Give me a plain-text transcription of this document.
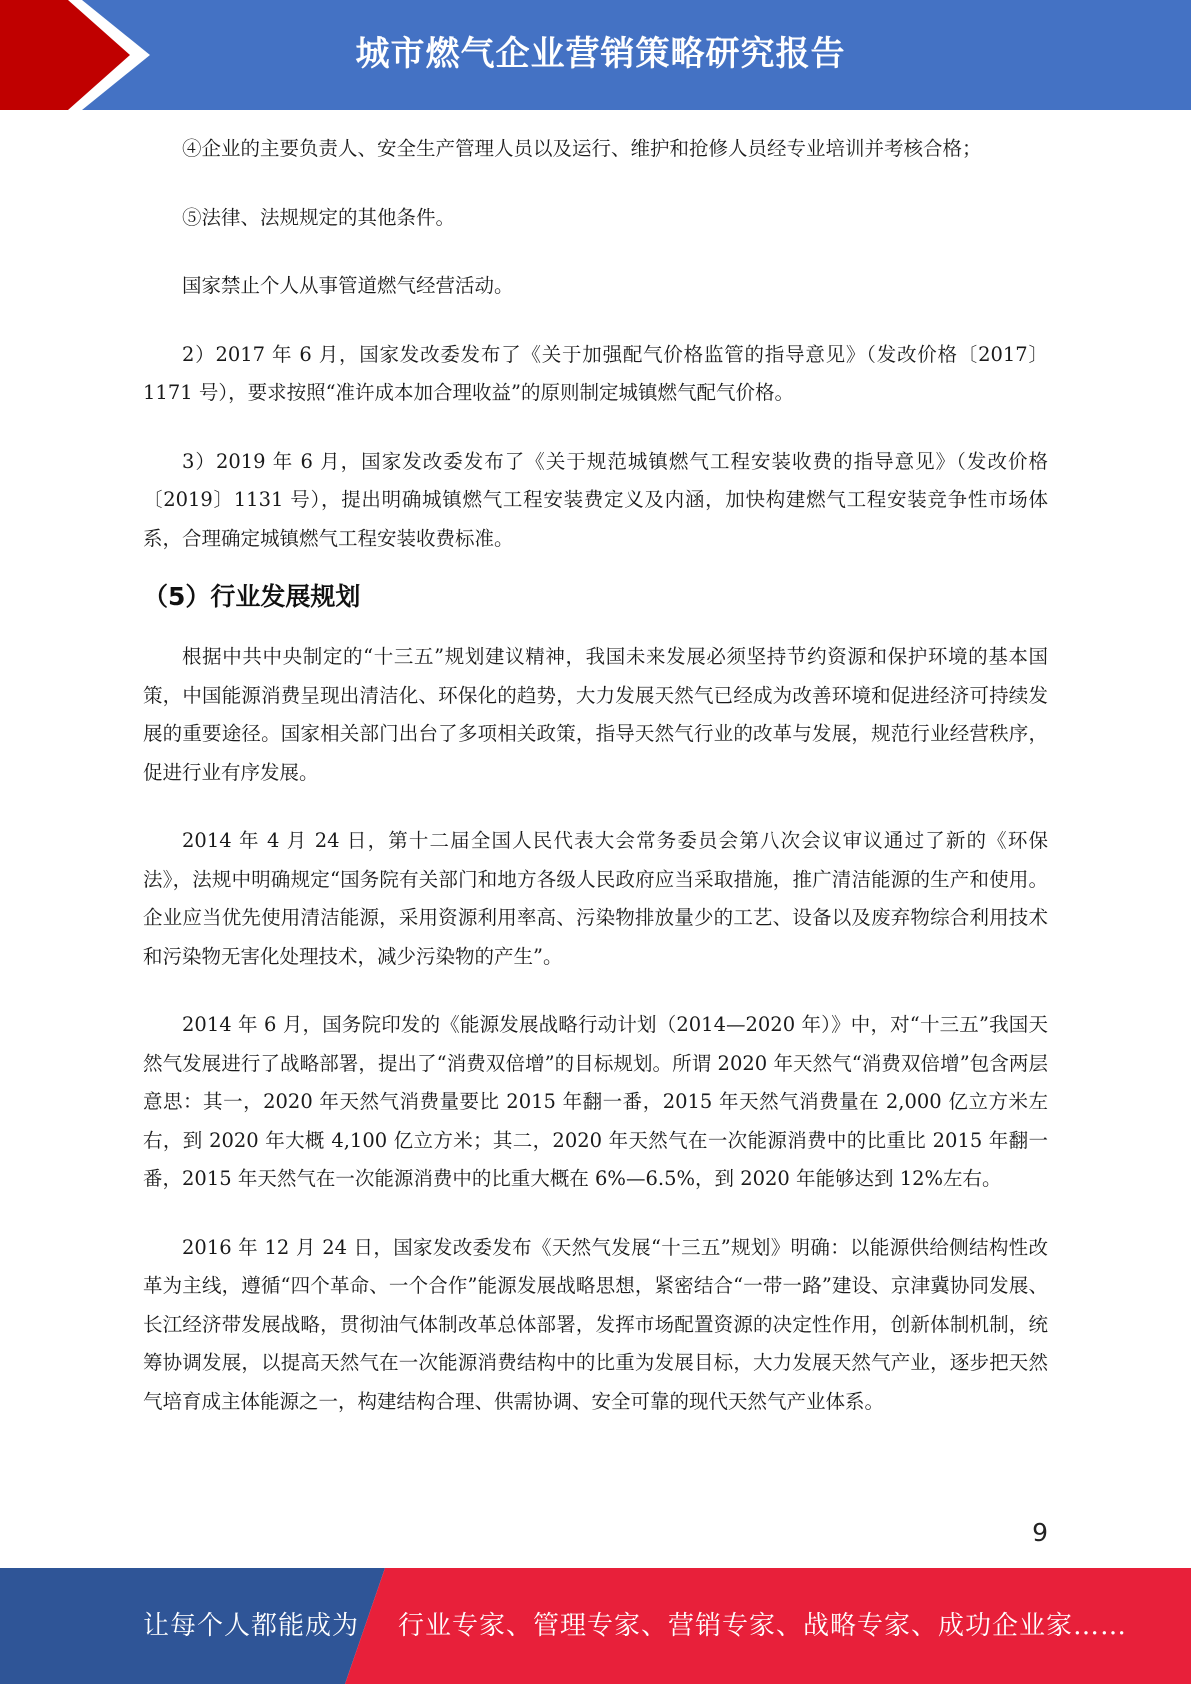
城市燃气企业营销策略研究报告

④企业的主要负责人、安全生产管理人员以及运行、维护和抢修人员经专业培训并考核合格；

⑤法律、法规规定的其他条件。

国家禁止个人从事管道燃气经营活动。

2）2017 年 6 月，国家发改委发布了《关于加强配气价格监管的指导意见》（发改价格〔2017〕1171 号），要求按照“准许成本加合理收益”的原则制定城镇燃气配气价格。

3）2019 年 6 月，国家发改委发布了《关于规范城镇燃气工程安装收费的指导意见》（发改价格〔2019〕1131 号），提出明确城镇燃气工程安装费定义及内涵，加快构建燃气工程安装竞争性市场体系，合理确定城镇燃气工程安装收费标准。

（5）行业发展规划

根据中共中央制定的“十三五”规划建议精神，我国未来发展必须坚持节约资源和保护环境的基本国策，中国能源消费呈现出清洁化、环保化的趋势，大力发展天然气已经成为改善环境和促进经济可持续发展的重要途径。国家相关部门出台了多项相关政策，指导天然气行业的改革与发展，规范行业经营秩序，促进行业有序发展。

2014 年 4 月 24 日，第十二届全国人民代表大会常务委员会第八次会议审议通过了新的《环保法》，法规中明确规定“国务院有关部门和地方各级人民政府应当采取措施，推广清洁能源的生产和使用。企业应当优先使用清洁能源，采用资源利用率高、污染物排放量少的工艺、设备以及废弃物综合利用技术和污染物无害化处理技术，减少污染物的产生”。

2014 年 6 月，国务院印发的《能源发展战略行动计划（2014—2020 年）》中，对“十三五”我国天然气发展进行了战略部署，提出了“消费双倍增”的目标规划。所谓 2020 年天然气“消费双倍增”包含两层意思：其一，2020 年天然气消费量要比 2015 年翻一番，2015 年天然气消费量在 2,000 亿立方米左右，到 2020 年大概 4,100 亿立方米；其二，2020 年天然气在一次能源消费中的比重比 2015 年翻一番，2015 年天然气在一次能源消费中的比重大概在 6%—6.5%，到 2020 年能够达到 12%左右。

2016 年 12 月 24 日，国家发改委发布《天然气发展“十三五”规划》明确：以能源供给侧结构性改革为主线，遵循“四个革命、一个合作”能源发展战略思想，紧密结合“一带一路”建设、京津冀协同发展、长江经济带发展战略，贯彻油气体制改革总体部署，发挥市场配置资源的决定性作用，创新体制机制，统筹协调发展，以提高天然气在一次能源消费结构中的比重为发展目标，大力发展天然气产业，逐步把天然气培育成主体能源之一，构建结构合理、供需协调、安全可靠的现代天然气产业体系。

9
让每个人都能成为 行业专家、管理专家、营销专家、战略专家、成功企业家……
